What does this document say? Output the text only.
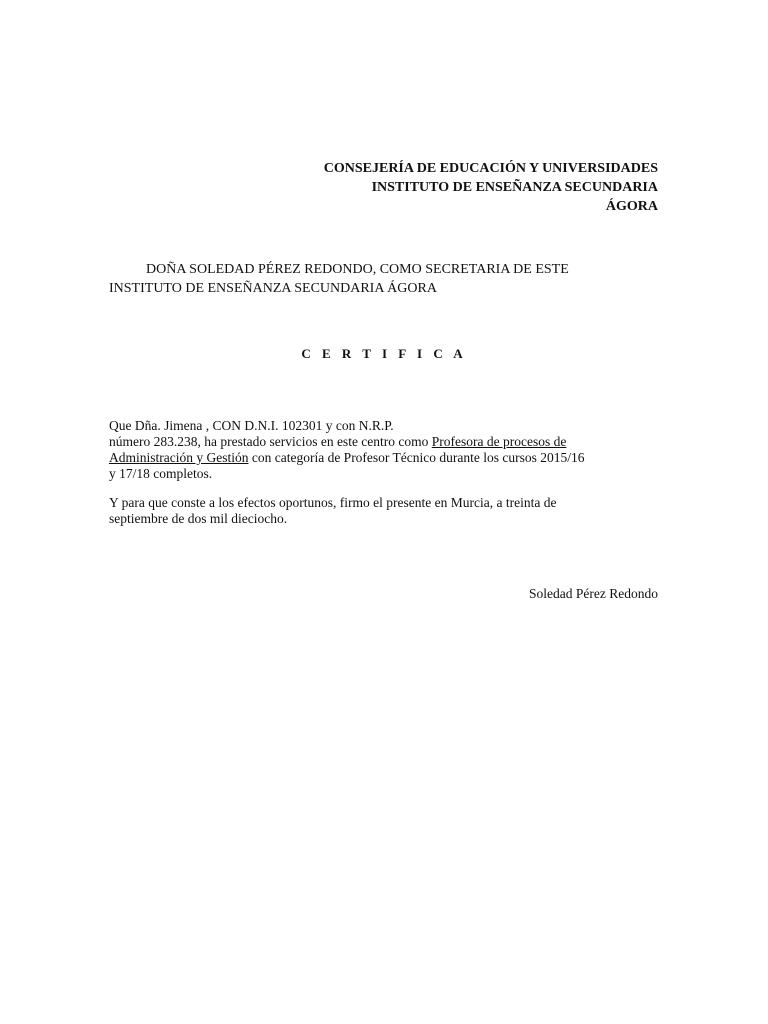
CONSEJERÍA DE EDUCACIÓN Y UNIVERSIDADES
INSTITUTO DE ENSEÑANZA SECUNDARIA
ÁGORA
DOÑA SOLEDAD PÉREZ REDONDO, COMO SECRETARIA DE ESTE
INSTITUTO DE ENSEÑANZA SECUNDARIA ÁGORA
C E R T I F I C A

Que Dña. Jimena , CON D.N.I. 102301 y con N.R.P.

número 283.238, ha prestado servicios en este centro como Profesora de procesos de

Administración y Gestión con categoría de Profesor Técnico durante los cursos 2015/16

y 17/18 completos.

Y para que conste a los efectos oportunos, firmo el presente en Murcia, a treinta de
septiembre de dos mil dieciocho.
Soledad Pérez Redondo
